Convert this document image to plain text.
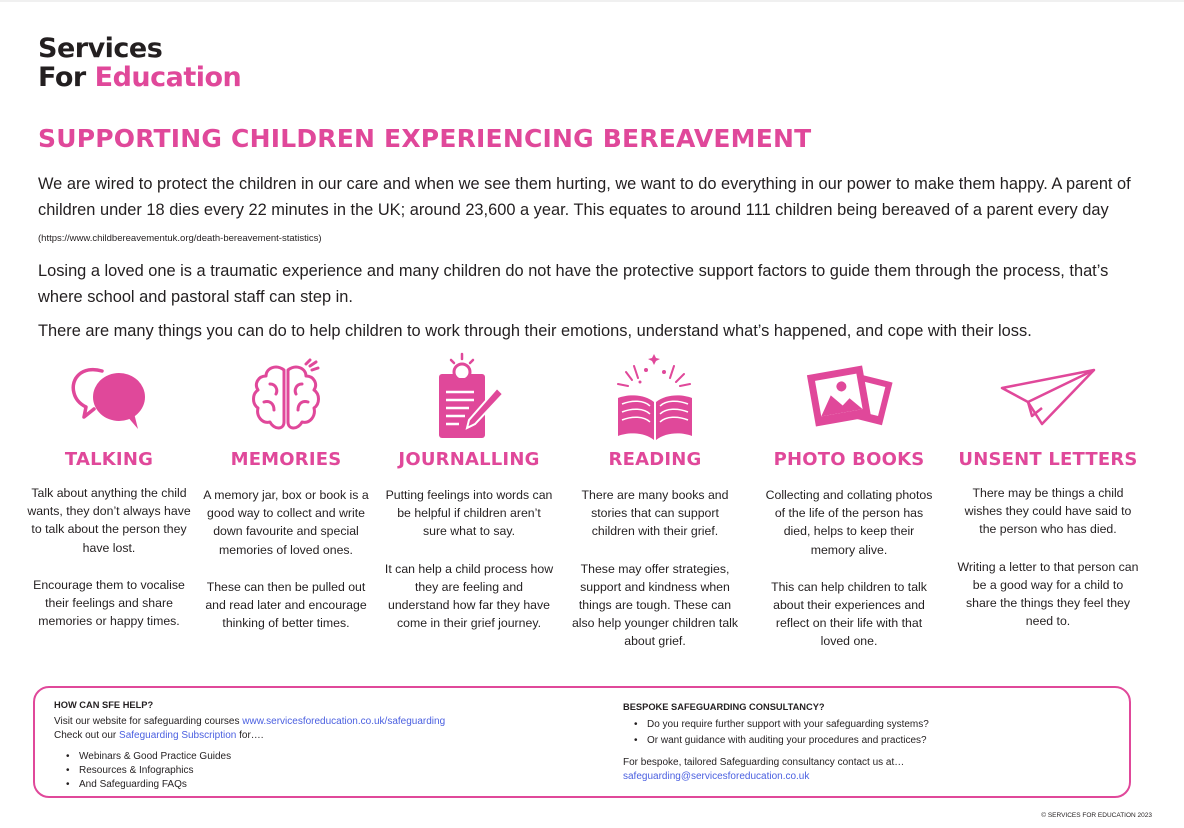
Services
For Education
SUPPORTING CHILDREN EXPERIENCING BEREAVEMENT

We are wired to protect the children in our care and when we see them hurting, we want to do everything in our power to make them happy. A parent of children under 18 dies every 22 minutes in the UK; around 23,600 a year. This equates to around 111 children being bereaved of a parent every day (https://www.childbereavementuk.org/death-bereavement-statistics)

Losing a loved one is a traumatic experience and many children do not have the protective support factors to guide them through the process, that’s where school and pastoral staff can step in.

There are many things you can do to help children to work through their emotions, understand what’s happened, and cope with their loss.

TALKING

Talk about anything the child wants, they don’t always have to talk about the person they have lost.

Encourage them to vocalise their feelings and share memories or happy times.

MEMORIES

A memory jar, box or book is a good way to collect and write down favourite and special memories of loved ones.

These can then be pulled out and read later and encourage thinking of better times.

JOURNALLING

Putting feelings into words can be helpful if children aren’t sure what to say.

It can help a child process how they are feeling and understand how far they have come in their grief journey.

READING

There are many books and stories that can support children with their grief.

These may offer strategies, support and kindness when things are tough. These can also help younger children talk about grief.

PHOTO BOOKS

Collecting and collating photos of the life of the person has died, helps to keep their memory alive.

This can help children to talk about their experiences and reflect on their life with that loved one.

UNSENT LETTERS

There may be things a child wishes they could have said to the person who has died.

Writing a letter to that person can be a good way for a child to share the things they feel they need to.

HOW CAN SFE HELP?
Visit our website for safeguarding courses www.servicesforeducation.co.uk/safeguarding
Check out our Safeguarding Subscription for….
• Webinars & Good Practice Guides
• Resources & Infographics
• And Safeguarding FAQs
BESPOKE SAFEGUARDING CONSULTANCY?
• Do you require further support with your safeguarding systems?
• Or want guidance with auditing your procedures and practices?
For bespoke, tailored Safeguarding consultancy contact us at…
safeguarding@servicesforeducation.co.uk
© SERVICES FOR EDUCATION 2023
